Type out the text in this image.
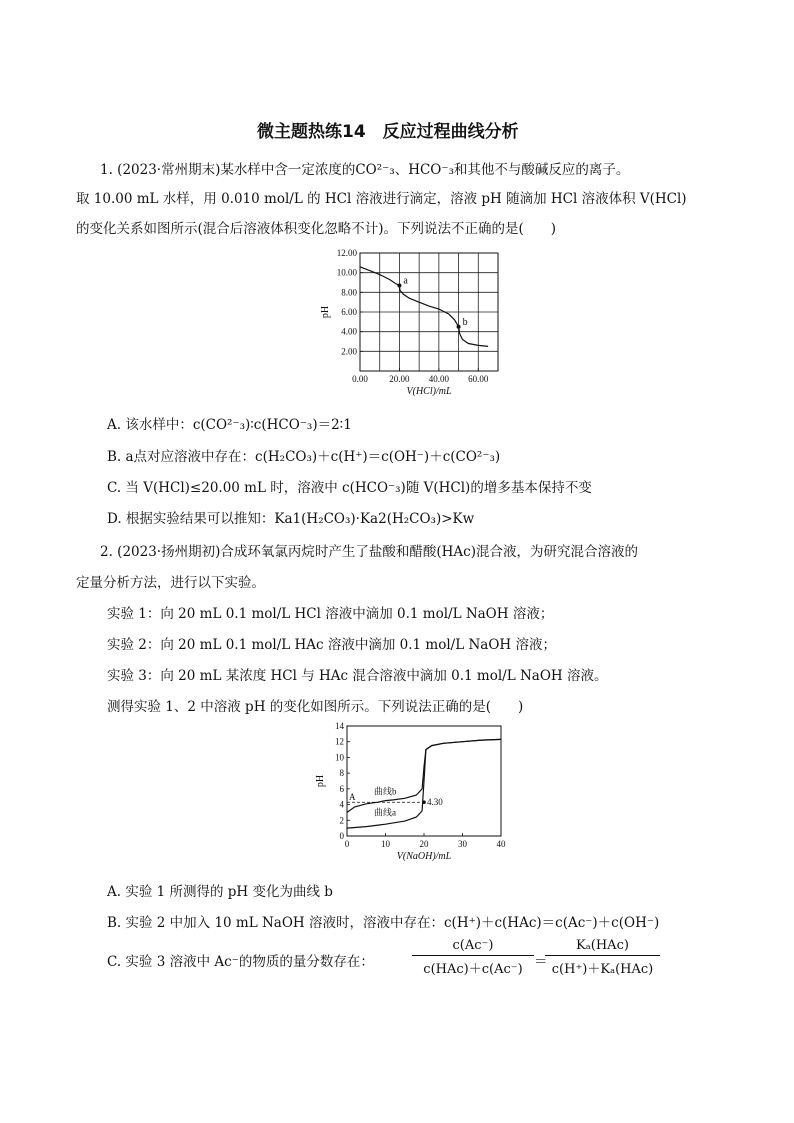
微主题热练14　反应过程曲线分析
1. (2023·常州期末)某水样中含一定浓度的CO²⁻₃、HCO⁻₃和其他不与酸碱反应的离子。
取 10.00 mL 水样，用 0.010 mol/L 的 HCl 溶液进行滴定，溶液 pH 随滴加 HCl 溶液体积 V(HCl)
的变化关系如图所示(混合后溶液体积变化忽略不计)。下列说法不正确的是(　　)
0.00 20.00 40.00 60.00
2.00
4.00
6.00
8.00
10.00
12.00
V(HCl)/mL
pH
a
b
A. 该水样中：c(CO²⁻₃)∶c(HCO⁻₃)＝2∶1
B. a点对应溶液中存在：c(H₂CO₃)＋c(H⁺)＝c(OH⁻)＋c(CO²⁻₃)
C. 当 V(HCl)≤20.00 mL 时，溶液中 c(HCO⁻₃)随 V(HCl)的增多基本保持不变
D. 根据实验结果可以推知：Ka1(H₂CO₃)·Ka2(H₂CO₃)>Kw
2. (2023·扬州期初)合成环氧氯丙烷时产生了盐酸和醋酸(HAc)混合液，为研究混合溶液的
定量分析方法，进行以下实验。
实验 1：向 20 mL 0.1 mol/L HCl 溶液中滴加 0.1 mol/L NaOH 溶液；
实验 2：向 20 mL 0.1 mol/L HAc 溶液中滴加 0.1 mol/L NaOH 溶液；
实验 3：向 20 mL 某浓度 HCl 与 HAc 混合溶液中滴加 0.1 mol/L NaOH 溶液。
测得实验 1、2 中溶液 pH 的变化如图所示。下列说法正确的是(　　)
0	10	20	30	40
0
2
4
6
8
10
12
14
V(NaOH)/mL
pH
A	4.30
曲线b
曲线a
A. 实验 1 所测得的 pH 变化为曲线 b
B. 实验 2 中加入 10 mL NaOH 溶液时，溶液中存在：c(H⁺)＋c(HAc)＝c(Ac⁻)＋c(OH⁻)
C. 实验 3 溶液中 Ac⁻的物质的量分数存在：
c(Ac⁻)
c(HAc)＋c(Ac⁻) ＝
Kₐ(HAc)
c(H⁺)＋Kₐ(HAc)
